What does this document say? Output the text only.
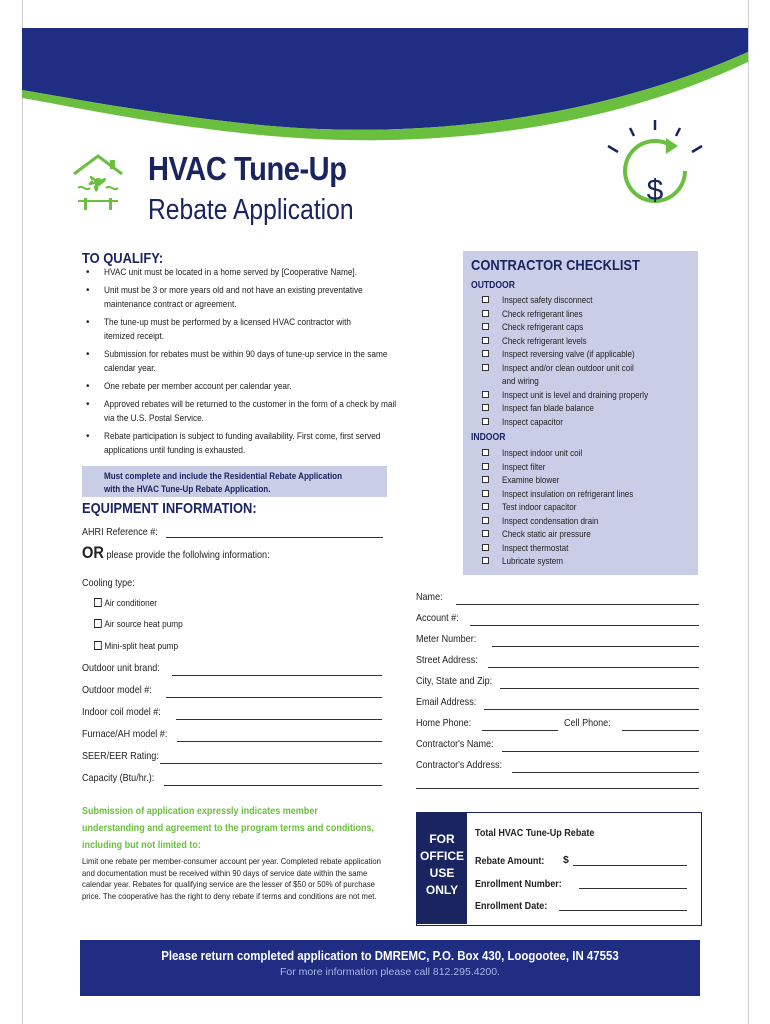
HVAC Tune-Up
Rebate Application
$
TO QUALIFY:
• HVAC unit must be located in a home served by [Cooperative Name].
• Unit must be 3 or more years old and not have an existing preventative maintenance contract or agreement.
• The tune-up must be performed by a licensed HVAC contractor with itemized receipt.
• Submission for rebates must be within 90 days of tune-up service in the same calendar year.
• One rebate per member account per calendar year.
• Approved rebates will be returned to the customer in the form of a check by mail via the U.S. Postal Service.
• Rebate participation is subject to funding availability. First come, first served applications until funding is exhausted.
Must complete and include the Residential Rebate Application
with the HVAC Tune-Up Rebate Application.
EQUIPMENT INFORMATION:
AHRI Reference #:
OR please provide the follolwing information:
Cooling type:
Air conditioner
Air source heat pump
Mini-split heat pump
Outdoor unit brand:
Outdoor model #:
Indoor coil model #:
Furnace/AH model #:
SEER/EER Rating:
Capacity (Btu/hr.):
CONTRACTOR CHECKLIST
OUTDOOR
Inspect safety disconnect
Check refrigerant lines
Check refrigerant caps
Check refrigerant levels
Inspect reversing valve (if applicable)
Inspect and/or clean outdoor unit coil
and wiring
Inspect unit is level and draining properly
Inspect fan blade balance
Inspect capacitor
INDOOR
Inspect indoor unit coil
Inspect filter
Examine blower
Inspect insulation on refrigerant lines
Test indoor capacitor
Inspect condensation drain
Check static air pressure
Inspect thermostat
Lubricate system
Name:
Account #:
Meter Number:
Street Address:
City, State and Zip:
Email Address:
Home Phone:	Cell Phone:
Contractor's Name:
Contractor's Address:
Submission of application expressly indicates member understanding and agreement to the program terms and conditions, including but not limited to:
Limit one rebate per member-consumer account per year. Completed rebate application and documentation must be received within 90 days of service date within the same calendar year. Rebates for qualifying service are the lesser of $50 or 50% of purchase price. The cooperative has the right to deny rebate if terms and conditions are not met.
FOR
OFFICE
USE
ONLY
Total HVAC Tune-Up Rebate
Rebate Amount: $
Enrollment Number:
Enrollment Date:
Please return completed application to DMREMC, P.O. Box 430, Loogootee, IN 47553
For more information please call 812.295.4200.
